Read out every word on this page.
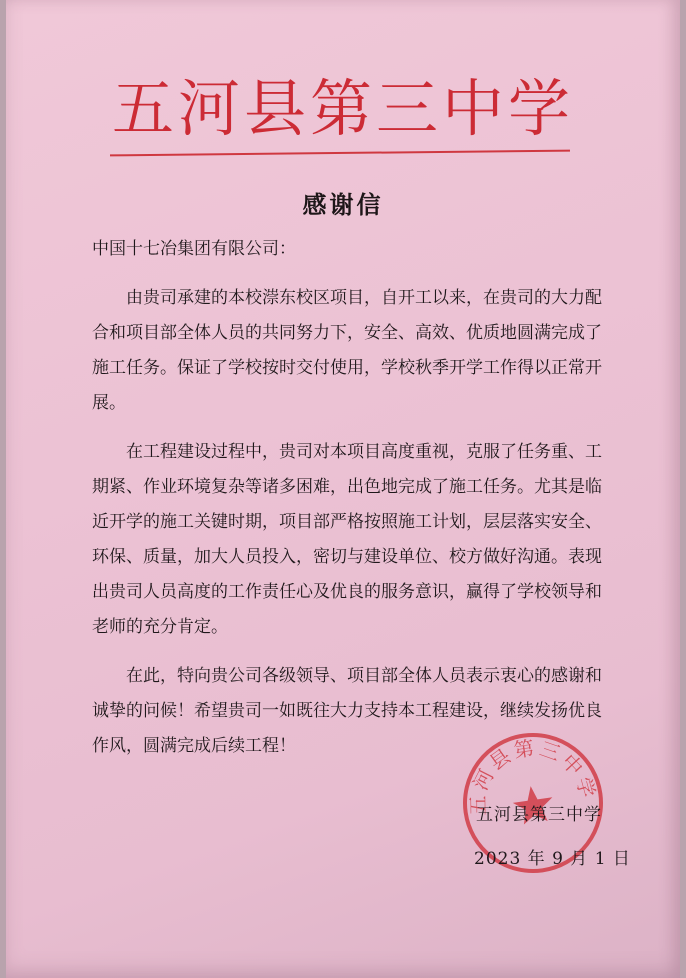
五河县第三中学
感谢信

中国十七冶集团有限公司：

由贵司承建的本校漴东校区项目，自开工以来，在贵司的大力配合和项目部全体人员的共同努力下，安全、高效、优质地圆满完成了施工任务。保证了学校按时交付使用，学校秋季开学工作得以正常开展。

在工程建设过程中，贵司对本项目高度重视，克服了任务重、工期紧、作业环境复杂等诸多困难，出色地完成了施工任务。尤其是临近开学的施工关键时期，项目部严格按照施工计划，层层落实安全、环保、质量，加大人员投入，密切与建设单位、校方做好沟通。表现出贵司人员高度的工作责任心及优良的服务意识，赢得了学校领导和老师的充分肯定。

在此，特向贵公司各级领导、项目部全体人员表示衷心的感谢和诚挚的问候！希望贵司一如既往大力支持本工程建设，继续发扬优良作风，圆满完成后续工程！

五河县第三中学
五河县第三中学
2023 年 9 月 1 日
